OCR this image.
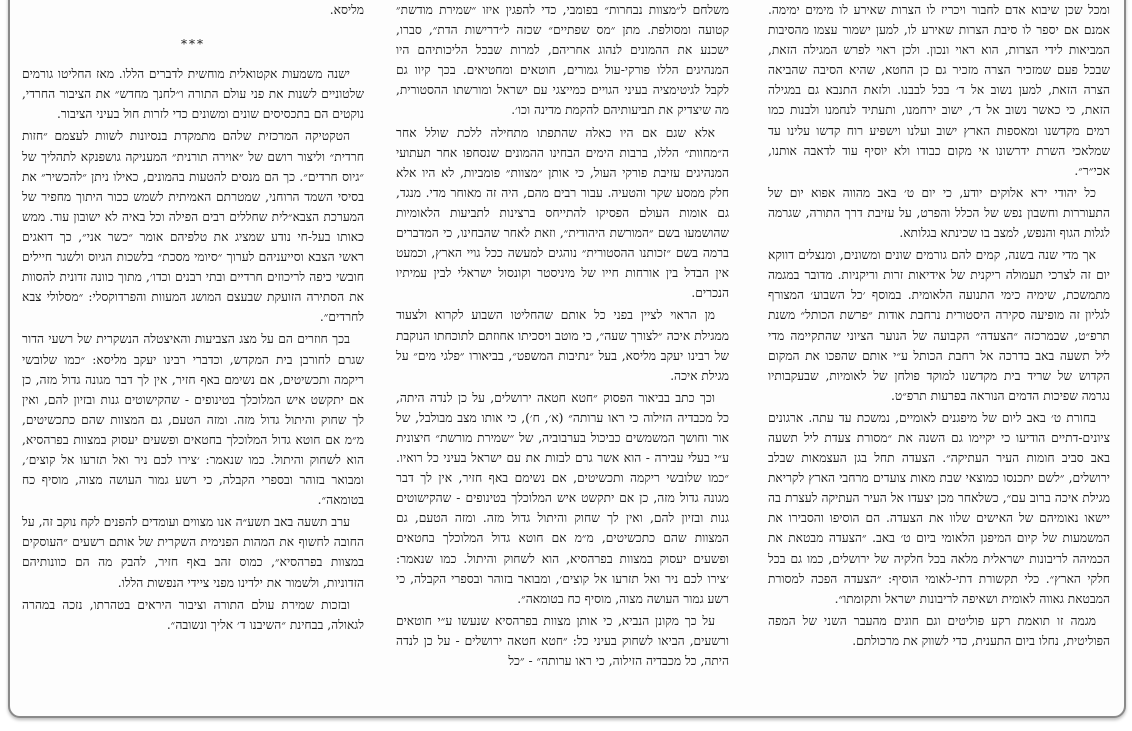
ומכל שכן שיבוא אדם לחבור ויכריז לו הצרות שאירע לו מימים ימימה. אמנם אם יספר לו סיבת הצרות שאירע לו, למען ישמור עצמו מהסיבות המביאות לידי הצרות, הוא ראוי ונכון. ולכן ראוי לפרש המגילה הזאת, שבכל פעם שמזכיר הצרה מזכיר גם כן החטא, שהיא הסיבה שהביאה הצרה הזאת, למען נשוב אל ד׳ בכל לבבנו. ולזאת התנבא גם במגילה הזאת, כי כאשר נשוב אל ד׳, ישוב ירחמנו, ותעתיד לנחמנו ולבנות כמו רמים מקדשנו ומאספות הארץ ישוב ועלנו וישפיע רוח קדשו עלינו עד שמלאכי השרת ידרשונו אי מקום כבודו ולא יוסיף עוד לדאבה אותנו, אכי״ר״.

כל יהודי ירא אלוקים יודע, כי יום ט׳ באב מהווה אפוא יום של התעוררות וחשבון נפש של הכלל והפרט, על עזיבת דרך התורה, שגרמה לגלות הגוף והנפש, למצב בו שכינתא בגלותא.

אך מדי שנה בשנה, קמים להם גורמים שונים ומשונים, ומנצלים דווקא יום זה לצרכי תעמולה ריקנית של אידיאות זרות וריקניות. מדובר במגמה מתמשכת, שימיה כימי התנועה הלאומית. במוסף ׳כל השבוע׳ המצורף לגליון זה מופיעה סקירה היסטורית נרחבת אודות ״פרשת הכותל״ משנת תרפ״ט, שבמרכזה ״הצעדה״ הקבועה של הנוער הציוני שהתקיימה מדי ליל תשעה באב בדרכה אל רחבת הכותל ע״י אותם שהפכו את המקום הקדוש של שריד בית מקדשנו למוקד פולחן של לאומיות, שבעקבותיו נגרמה שפיכות הדמים הנוראה בפרעות תרפ״ט.

בחורת ט׳ באב ליום של מיפגנים לאומיים, נמשכת עד עתה. ארגונים ציונים-דתיים הודיעו כי יקיימו גם השנה את ״מסורת צעדת ליל תשעה באב סביב חומות העיר העתיקה״. הצעדה תחל בגן העצמאות שבלב ירושלים, ״לשם יתכנסו כמוצאי שבת מאות צועדים מרחבי הארץ לקריאת מגילת איכה ברוב עם״, כשלאחר מכן יצעדו אל העיר העתיקה לעצרת בה יישאו נאומיהם של האישים שלוו את הצעדה. הם הוסיפו והסבירו את המשמעות של קיום המיפגן הלאומי ביום ט׳ באב. ״הצעדה מבטאת את הכמיהה לריבונות ישראלית מלאה בכל חלקיה של ירושלים, כמו גם בכל חלקי הארץ״. כלי תקשורת דתי-לאומי הוסיף: ״הצעדה הפכה למסורת המבטאת גאווה לאומית ושאיפה לריבונות ישראל ותקומתו״.

מגמה זו תואמת רקע פוליטים וגם חוגים מהעבר השני של המפה הפוליטית, נחלו ביום התענית, כדי לשווק את מרכולתם.

משלחם ל״מצוות נבחרות״ בפומבי, כדי להפגין איזו ״שמירת מודשת״ קטועה ומסולפת. מתן ״מס שפתיים״ שכזה ל״דרישות הדת״, סברו, ישכנע את ההמונים לנהוג אחריהם, למרות שבכל הליכותיהם היו המנהיגים הללו פורקי-עול גמורים, חוטאים ומחטיאים. בכך קיוו גם לקבל לגיטימציה בעיני הגויים כמייצגי עם ישראל ומורשתו ההסטורית, מה שיצדיק את תביעותיהם להקמת מדינה וכו׳.

אלא שגם אם היו כאלה שהתפתו מתחילה ללכת שולל אחר ה״מחוות״ הללו, ברבות הימים הבחינו ההמונים שנסחפו אחר תעתועי המנהיגים עזיבת פורקי העול, כי אותן ״מצוות״ פומביות, לא היו אלא חלק ממסע שקר והטעיה. עבור רבים מהם, היה זה מאוחר מדי. מנגד, גם אומות העולם הפסיקו להתייחס ברצינות לתביעות הלאומיות שהושמעו בשם ״המורשת היהודית״, וזאת לאחר שהבחינו, כי המדברים ברמה בשם ״זכותנו ההסטורית״ נוהגים למעשה ככל גויי הארץ, וכמעט אין הבדל בין אורחות חייו של מיניסטר וקונסול ישראלי לבין עמיתיו הנכרים.

מן הראוי לציין בפני כל אותם שהחליטו השבוע לקרוא ולצעוד ממגילת איכה ״לצורך שעה״, כי מוטב ויסכיתו אחוזתם לתוכחתו הנוקבת של רבינו יעקב מליסא, בעל ״נתיבות המשפט״, בביאורו ״פלגי מים״ על מגילת איכה.

וכך כתב בביאור הפסוק ״חטא חטאה ירושלים, על כן לנדה היתה, כל מכבדיה הזילוה כי ראו ערותה״ (א׳, ח׳), כי אותו מצב מבולבל, של אור וחושך המשמשים כביכול בערבוביה, של ״שמירת מורשת״ חיצונית ע״י בעלי עבירה - הוא אשר גרם לבזות את עם ישראל בעיני כל רואיו. ״כמו שלובשי ריקמה ותכשיטים, אם נשימם באף חזיר, אין לך דבר מגונה גדול מזה, כן אם יתקשט איש המלוכלך בטינופים - שהקישוטים גנות ובזיון להם, ואין לך שחוק והיתול גדול מזה. ומזה הטעם, גם המצוות שהם כתכשיטים, מ״מ אם חוטא גדול המלוכלך בחטאים ופשעים יעסוק במצוות בפרהסיא, הוא לשחוק והיתול. כמו שנאמר: ׳צירו לכם ניר ואל תזרעו אל קוצים׳, ומבואר בזוהר ובספרי הקבלה, כי רשע גמור העושה מצוה, מוסיף כח בטומאה״.

על כך מקונן הנביא, כי אותן מצוות בפרהסיא שנעשו ע״י חוטאים ורשעים, הביאו לשחוק בעיני כל: ״חטא חטאה ירושלים - על כן לנדה היתה, כל מכבדיה הזילוה, כי ראו ערותה״ - ״כל

מליסא.

***

ישנה משמעות אקטואלית מוחשית לדברים הללו. מאז החליטו גורמים שלטוניים לשנות את פני עולם התורה ו״לחנך מחדש״ את הציבור החרדי, נוקטים הם בתכסיסים שונים ומשונים כדי לזרות חול בעיני הציבור.

הטקטיקה המרכזית שלהם מתמקדת בנסיונות לשוות לעצמם ״חזות חרדית״ וליצור רושם של ״אוירה תורנית״ המעניקה גושפנקא לתהליך של ״גיוס חרדים״. כך הם מנסים להטעות בהמונים, כאילו ניתן ״להכשיר״ את בסיסי השמד הרוחני, שמטרתם האמיתית לשמש ככור היתוך מחפיר של המערכת הצבא״לית שחללים רבים הפילה וכל באיה לא ישובון עוד. ממש כאותו בעל-חי נודע שמציג את טלפיהם אומר ״כשר אני״, כך דואגים ראשי הצבא וסייעניהם לערוך ״סיומי מסכת״ בלשכות הגיוס ולשגר חיילים חובשי כיפה לריכוזים חרדיים ובתי רבנים וכדו׳, מתוך כוונה זדונית להסוות את הסתירה הזועקת שבעצם המושג המעוות והפרדוקסלי: ״מסלולי צבא לחרדים״.

בכך חוזרים הם על מצג הצביעות והאיצטלה הנשקרית של רשעי הדור שגרם לחורבן בית המקדש, וכדברי רבינו יעקב מליסא: ״כמו שלובשי ריקמה ותכשיטים, אם נשימם באף חזיר, אין לך דבר מגונה גדול מזה, כן אם יתקשט איש המלוכלך בטינופים - שהקישוטים גנות ובזיון להם, ואין לך שחוק והיתול גדול מזה. ומזה הטעם, גם המצוות שהם כתכשיטים, מ״מ אם חוטא גדול המלוכלך בחטאים ופשעים יעסוק במצוות בפרהסיא, הוא לשחוק והיתול. כמו שנאמר: ׳צירו לכם ניר ואל תזרעו אל קוצים׳, ומבואר בזוהר ובספרי הקבלה, כי רשע גמור העושה מצוה, מוסיף כח בטומאה״.

ערב תשעה באב תשע״ה אנו מצווים ועומדים להפנים לקח נוקב זה, על החובה לחשוף את המהות הפנימית השקרית של אותם רשעים ״העוסקים במצוות בפרהסיא״, כמוס זהב באף חזיר, להבק מה הם כוונותיהם הזדוניות, ולשמור את ילדינו מפני ציידי הנפשות הללו.

ובזכות שמירת עולם התורה וציבור היראים בטהרתו, נזכה במהרה לגאולה, בבחינת ״השיבנו ד׳ אליך ונשובה״.
